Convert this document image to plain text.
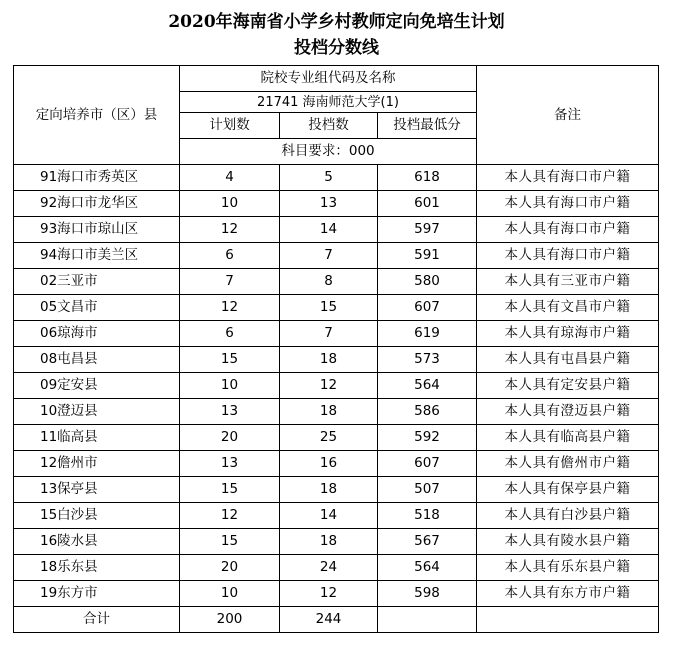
2020年海南省小学乡村教师定向免培生计划
投档分数线
定向培养市（区）县	院校专业组代码及名称			备注
	21741 海南师范大学(1)			
	计划数	投档数	投档最低分	
	科目要求：000			
91海口市秀英区	4	5	618	本人具有海口市户籍
92海口市龙华区	10	13	601	本人具有海口市户籍
93海口市琼山区	12	14	597	本人具有海口市户籍
94海口市美兰区	6	7	591	本人具有海口市户籍
02三亚市	7	8	580	本人具有三亚市户籍
05文昌市	12	15	607	本人具有文昌市户籍
06琼海市	6	7	619	本人具有琼海市户籍
08屯昌县	15	18	573	本人具有屯昌县户籍
09定安县	10	12	564	本人具有定安县户籍
10澄迈县	13	18	586	本人具有澄迈县户籍
11临高县	20	25	592	本人具有临高县户籍
12儋州市	13	16	607	本人具有儋州市户籍
13保亭县	15	18	507	本人具有保亭县户籍
15白沙县	12	14	518	本人具有白沙县户籍
16陵水县	15	18	567	本人具有陵水县户籍
18乐东县	20	24	564	本人具有乐东县户籍
19东方市	10	12	598	本人具有东方市户籍
合计	200	244		
